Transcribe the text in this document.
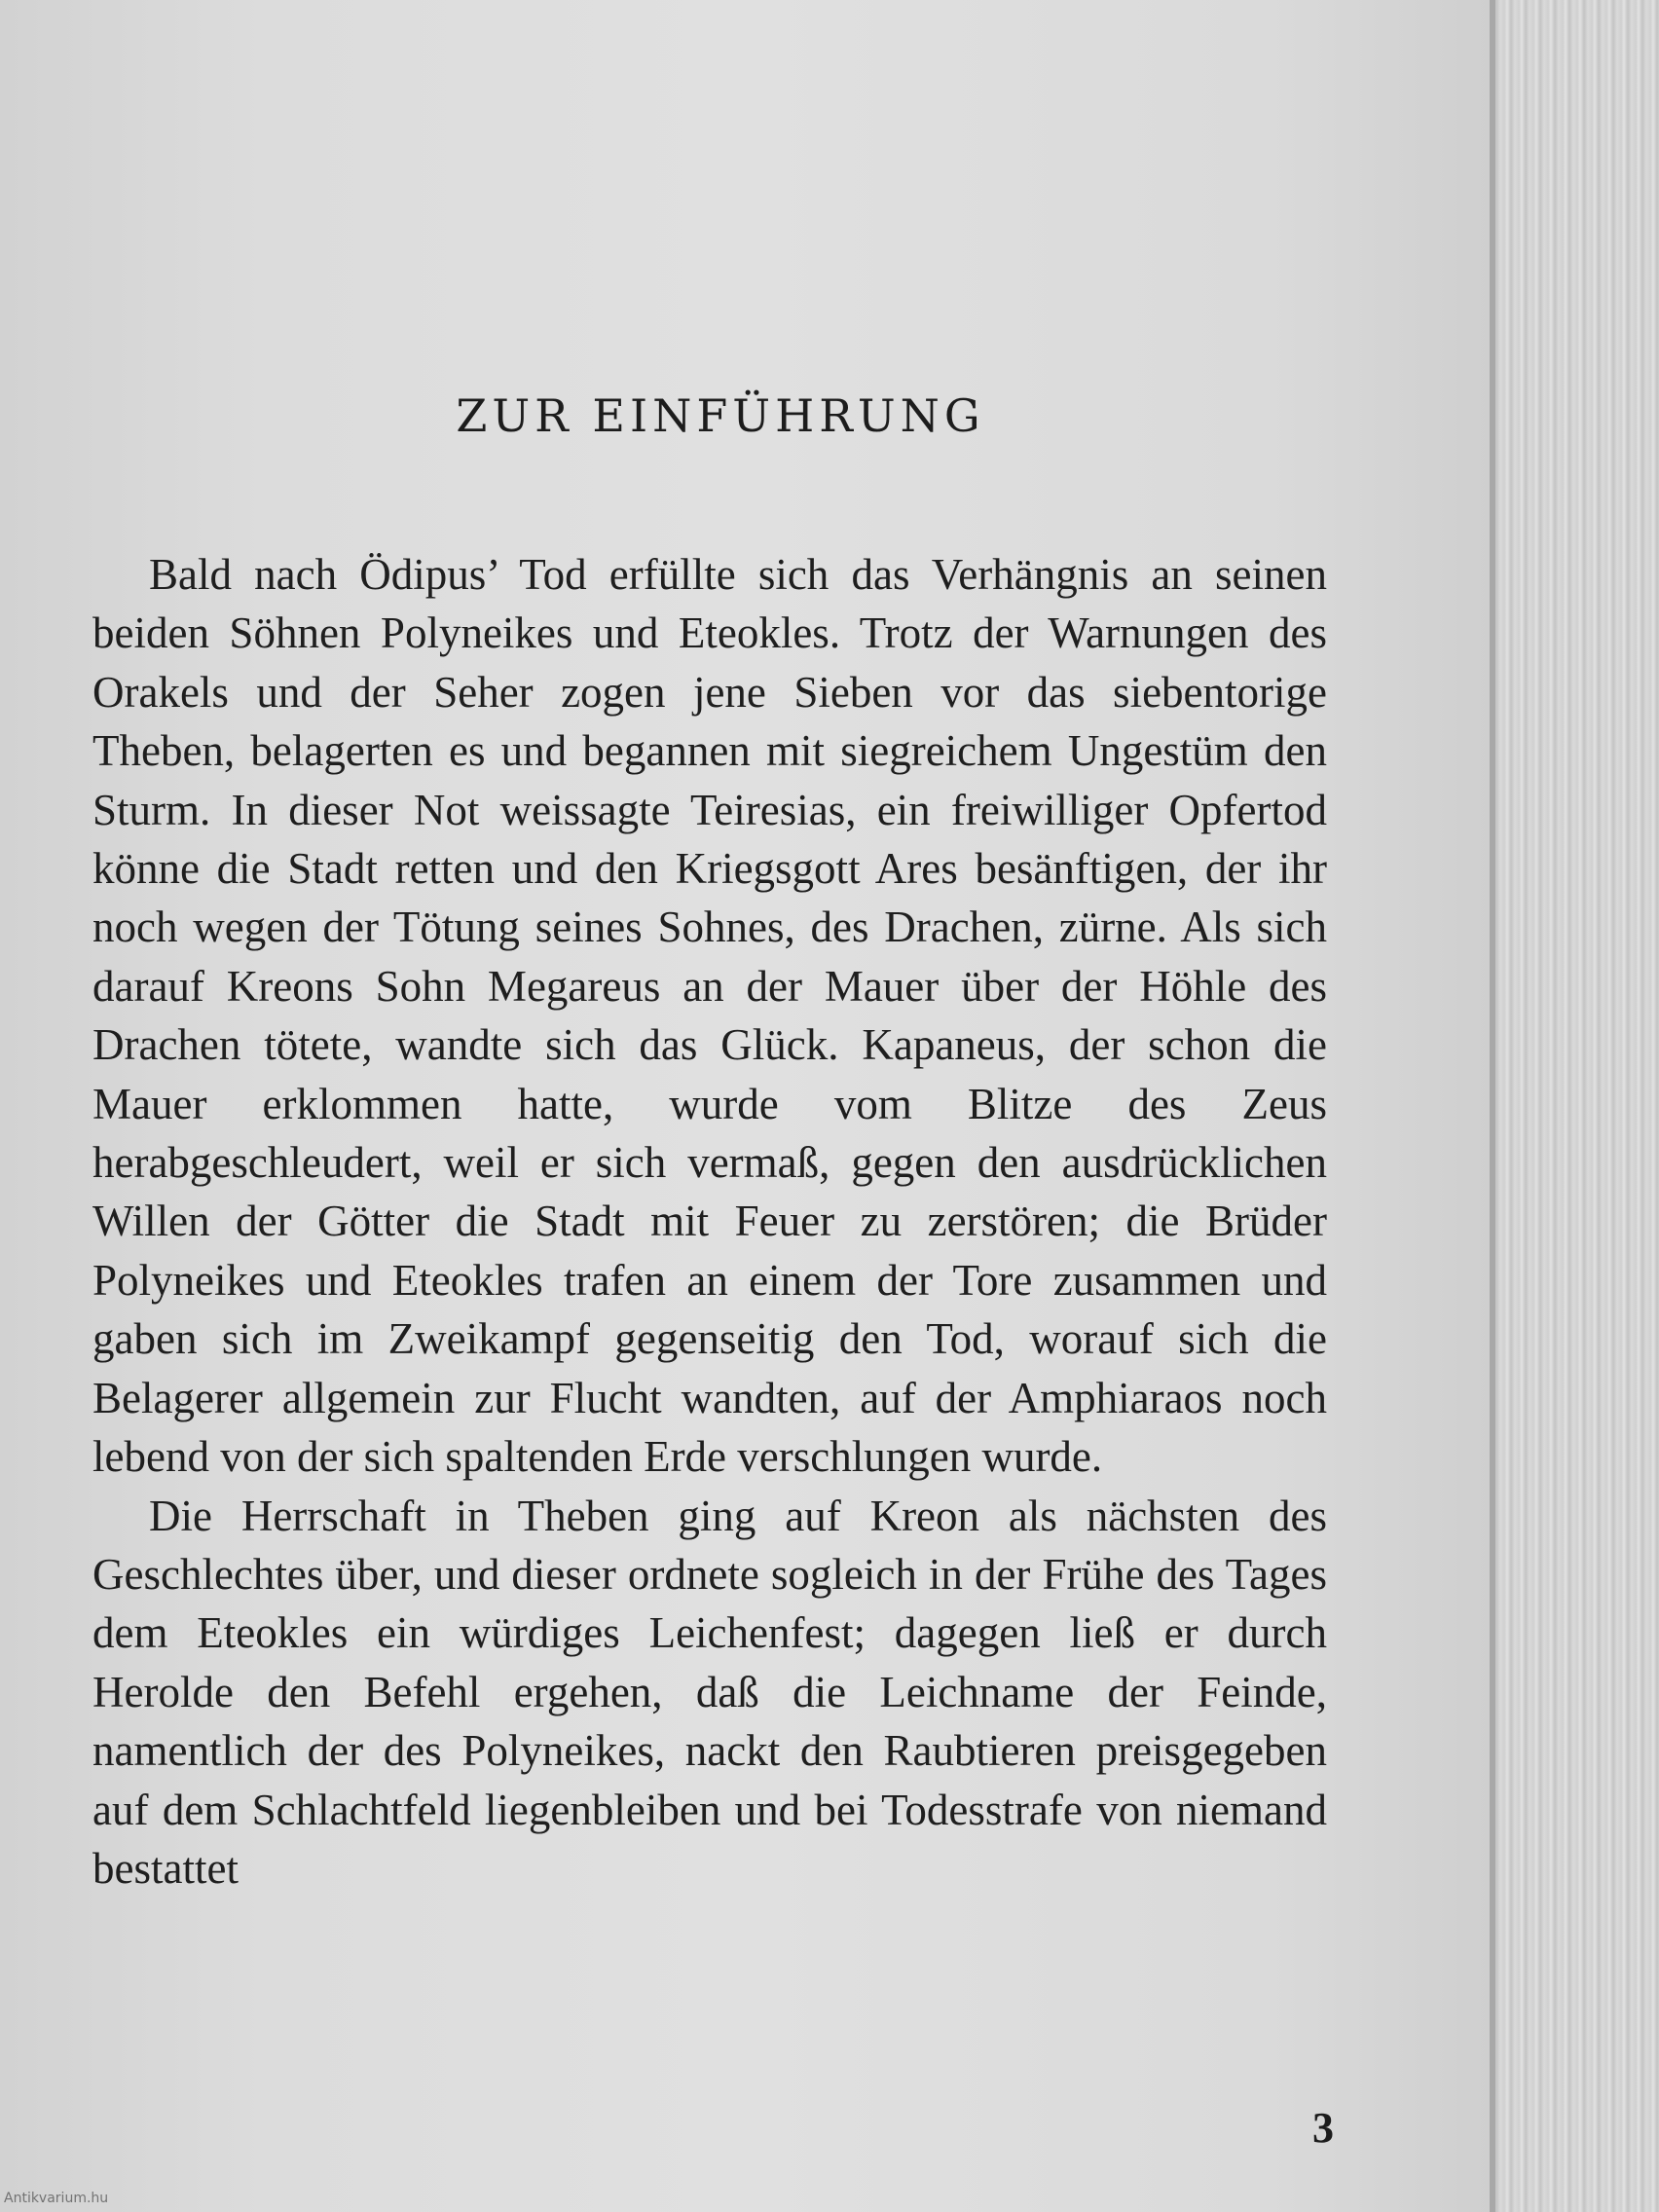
ZUR EINFÜHRUNG

Bald nach Ödipus’ Tod erfüllte sich das Verhängnis an seinen beiden Söhnen Polyneikes und Eteokles. Trotz der Warnungen des Orakels und der Seher zogen jene Sieben vor das siebentorige Theben, belagerten es und begannen mit siegreichem Ungestüm den Sturm. In dieser Not weissagte Teiresias, ein freiwilliger Opfertod könne die Stadt retten und den Kriegsgott Ares besänftigen, der ihr noch wegen der Tötung seines Sohnes, des Drachen, zürne. Als sich darauf Kreons Sohn Megareus an der Mauer über der Höhle des Drachen tötete, wandte sich das Glück. Kapaneus, der schon die Mauer erklommen hatte, wurde vom Blitze des Zeus herabgeschleudert, weil er sich vermaß, gegen den ausdrücklichen Willen der Götter die Stadt mit Feuer zu zerstören; die Brüder Polyneikes und Eteokles trafen an einem der Tore zusammen und gaben sich im Zweikampf gegenseitig den Tod, worauf sich die Belagerer allgemein zur Flucht wandten, auf der Amphiaraos noch lebend von der sich spaltenden Erde verschlungen wurde.

Die Herrschaft in Theben ging auf Kreon als nächsten des Geschlechtes über, und dieser ordnete sogleich in der Frühe des Tages dem Eteokles ein würdiges Leichenfest; dagegen ließ er durch Herolde den Befehl ergehen, daß die Leichname der Feinde, namentlich der des Polyneikes, nackt den Raubtieren preisgegeben auf dem Schlachtfeld liegenbleiben und bei Todesstrafe von niemand bestattet

3
Antikvarium.hu
